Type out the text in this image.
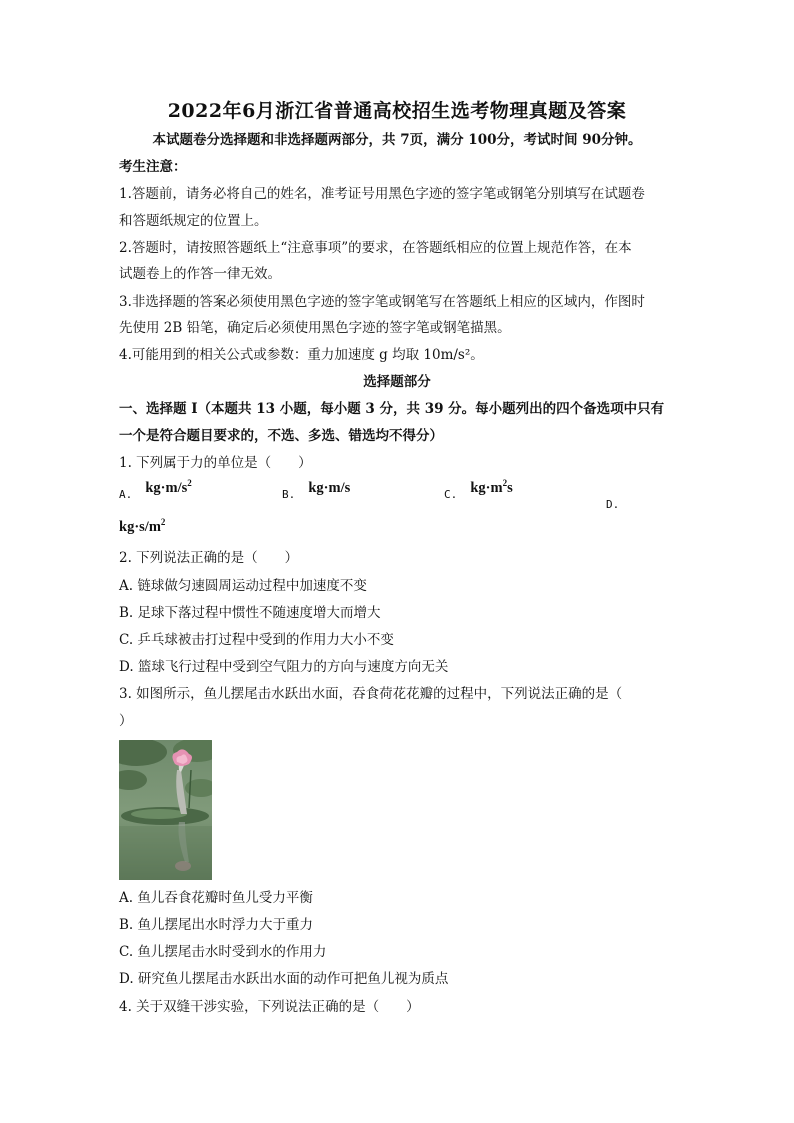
2022年6月浙江省普通高校招生选考物理真题及答案
本试题卷分选择题和非选择题两部分，共 7页，满分 100分，考试时间 90分钟。
考生注意：
1.答题前，请务必将自己的姓名，准考证号用黑色字迹的签字笔或钢笔分别填写在试题卷
和答题纸规定的位置上。
2.答题时，请按照答题纸上“注意事项”的要求，在答题纸相应的位置上规范作答，在本
试题卷上的作答一律无效。
3.非选择题的答案必须使用黑色字迹的签字笔或钢笔写在答题纸上相应的区域内，作图时
先使用 2B 铅笔，确定后必须使用黑色字迹的签字笔或钢笔描黑。
4.可能用到的相关公式或参数：重力加速度 g 均取 10m/s²。
选择题部分
一、选择题 I（本题共 13 小题，每小题 3 分，共 39 分。每小题列出的四个备选项中只有
一个是符合题目要求的，不选、多选、错选均不得分）
1. 下列属于力的单位是（　　）
A. $kg\cdot m/s^2$
B. kg·m/s	C. $kg\cdot m^2s$
D.
$kg\cdot s/m^2$
2. 下列说法正确的是（　　）
A. 链球做匀速圆周运动过程中加速度不变
B. 足球下落过程中惯性不随速度增大而增大
C. 乒乓球被击打过程中受到的作用力大小不变
D. 篮球飞行过程中受到空气阻力的方向与速度方向无关
3. 如图所示，鱼儿摆尾击水跃出水面，吞食荷花花瓣的过程中，下列说法正确的是（
）
A. 鱼儿吞食花瓣时鱼儿受力平衡
B. 鱼儿摆尾出水时浮力大于重力
C. 鱼儿摆尾击水时受到水的作用力
D. 研究鱼儿摆尾击水跃出水面的动作可把鱼儿视为质点
4. 关于双缝干涉实验，下列说法正确的是（　　）
